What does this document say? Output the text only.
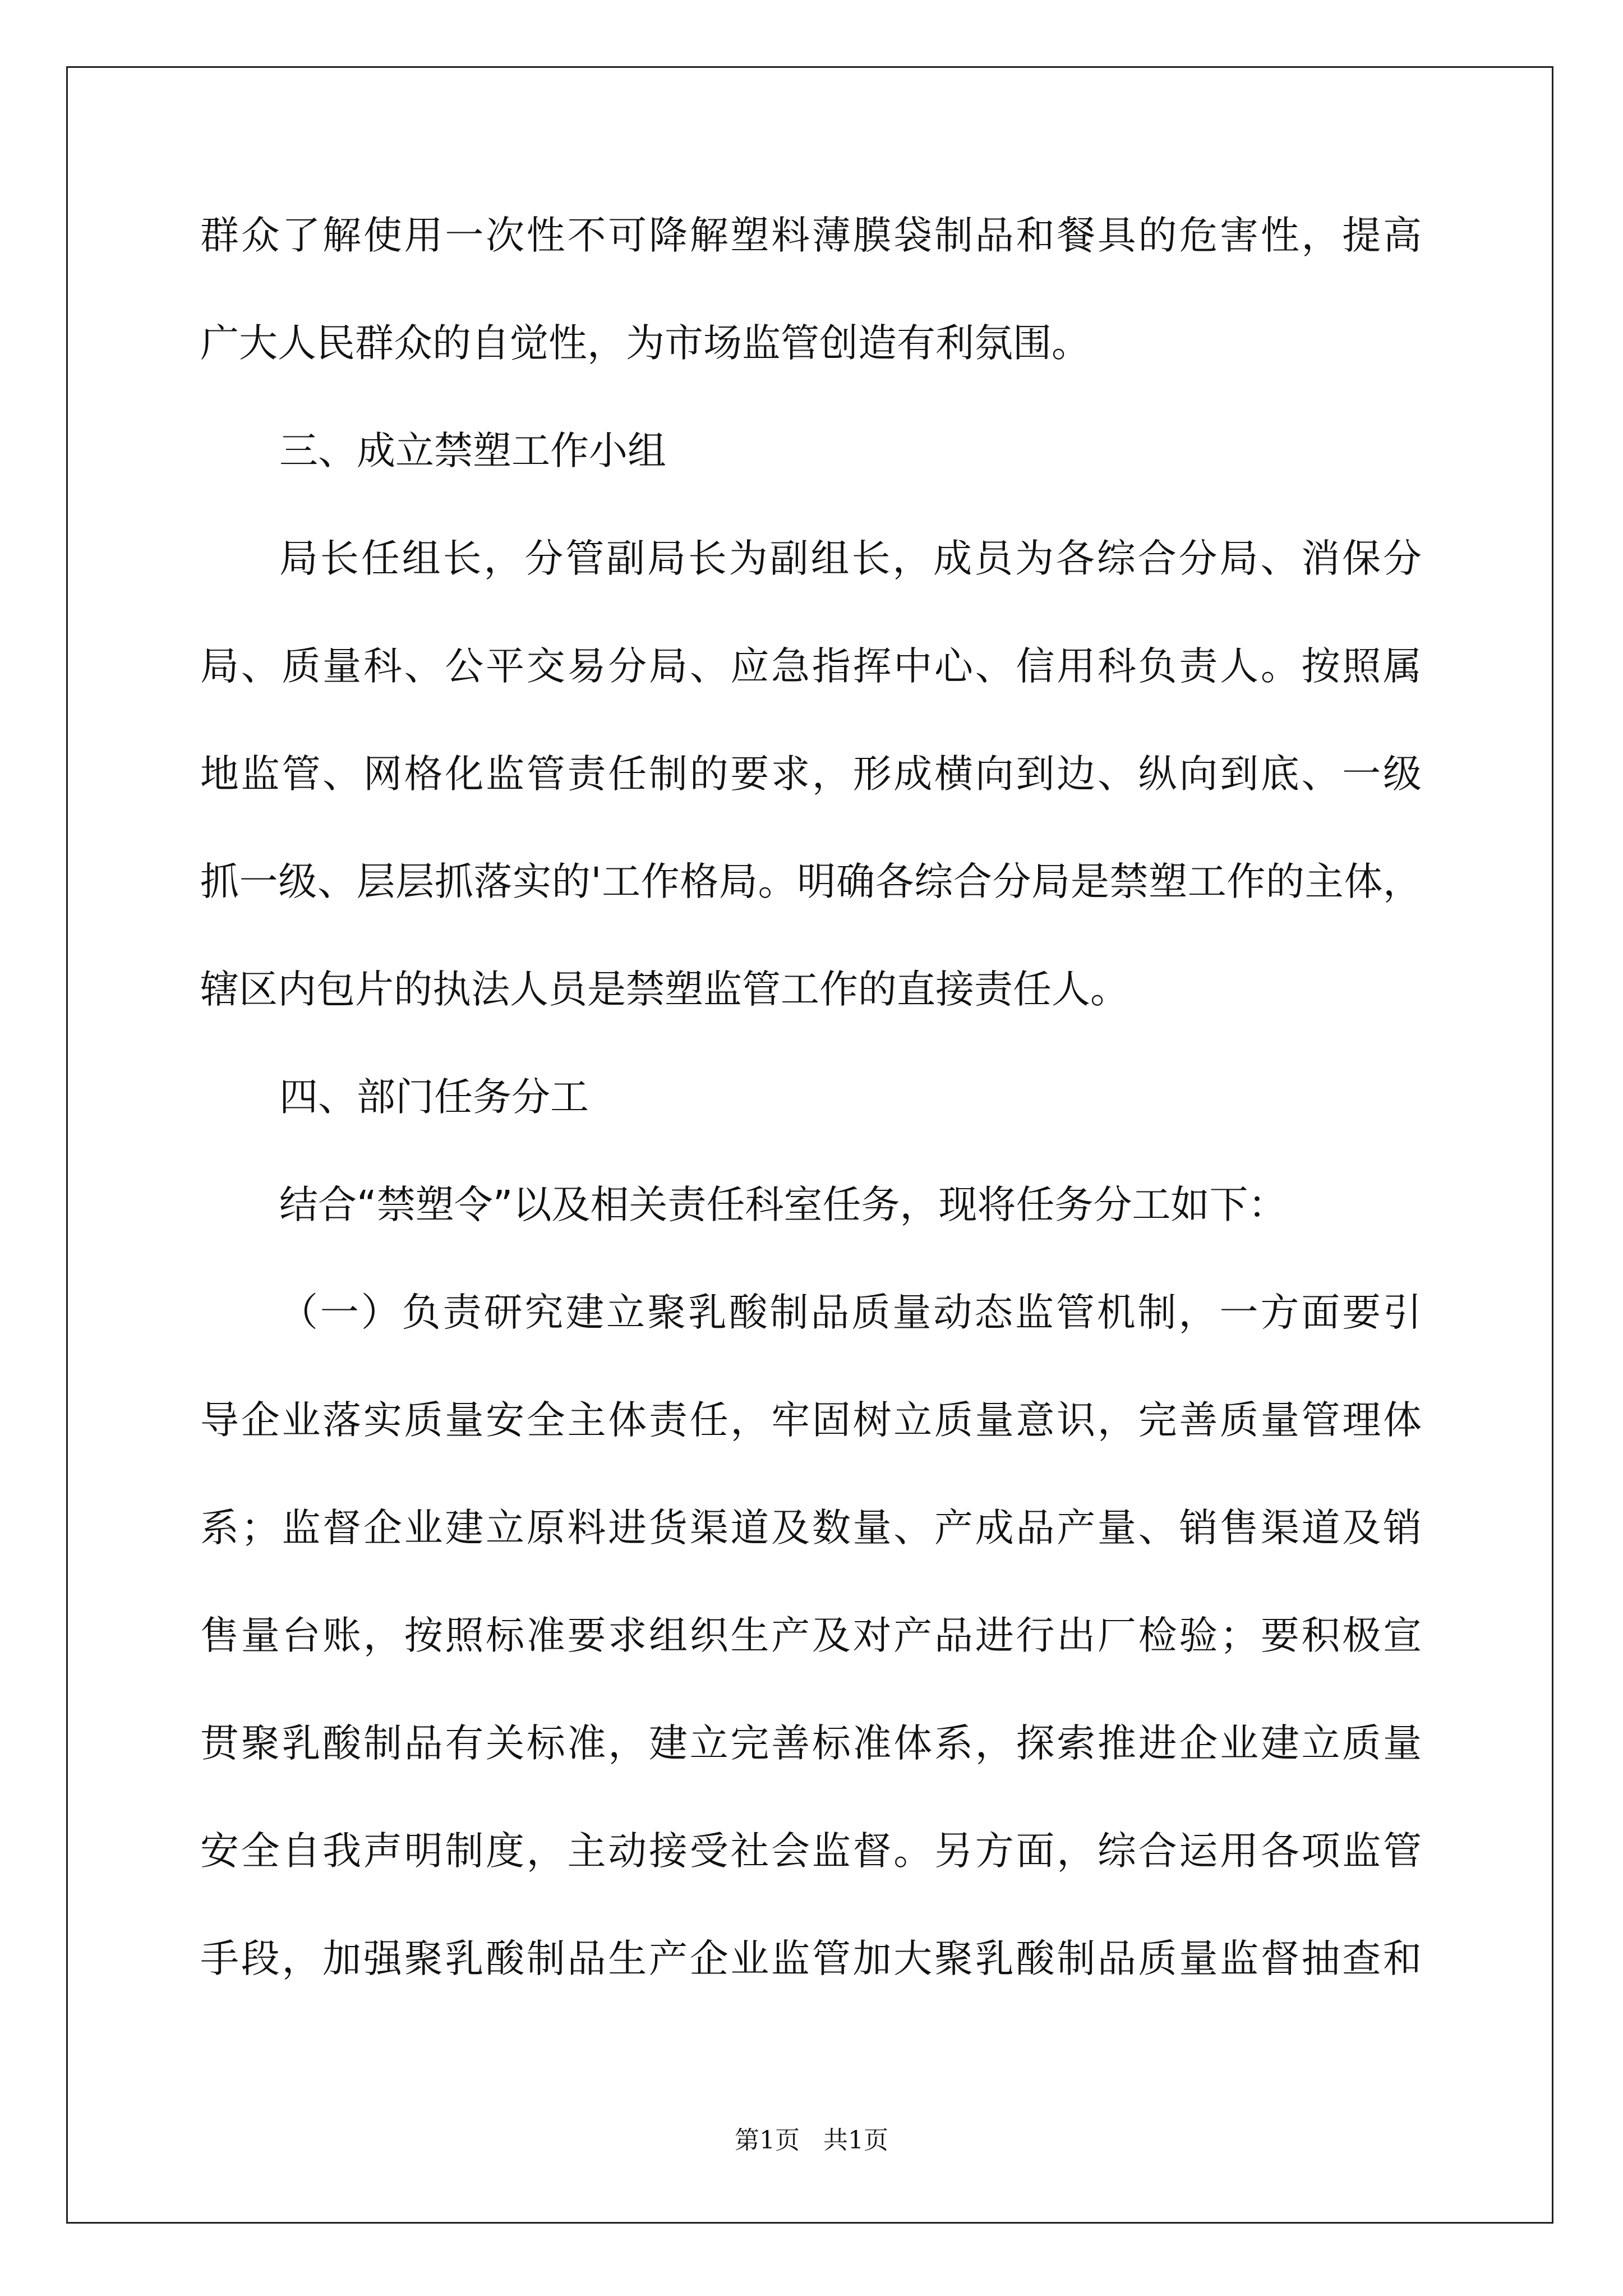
群众了解使用一次性不可降解塑料薄膜袋制品和餐具的危害性，提高
广大人民群众的自觉性，为市场监管创造有利氛围。
三、成立禁塑工作小组
局长任组长，分管副局长为副组长，成员为各综合分局、消保分
局、质量科、公平交易分局、应急指挥中心、信用科负责人。按照属
地监管、网格化监管责任制的要求，形成横向到边、纵向到底、一级
抓一级、层层抓落实的'工作格局。明确各综合分局是禁塑工作的主体，
辖区内包片的执法人员是禁塑监管工作的直接责任人。
四、部门任务分工
结合“禁塑令”以及相关责任科室任务，现将任务分工如下：
（一）负责研究建立聚乳酸制品质量动态监管机制，一方面要引
导企业落实质量安全主体责任，牢固树立质量意识，完善质量管理体
系；监督企业建立原料进货渠道及数量、产成品产量、销售渠道及销
售量台账，按照标准要求组织生产及对产品进行出厂检验；要积极宣
贯聚乳酸制品有关标准，建立完善标准体系，探索推进企业建立质量
安全自我声明制度，主动接受社会监督。另方面，综合运用各项监管
手段，加强聚乳酸制品生产企业监管加大聚乳酸制品质量监督抽查和
第1页   共1页
